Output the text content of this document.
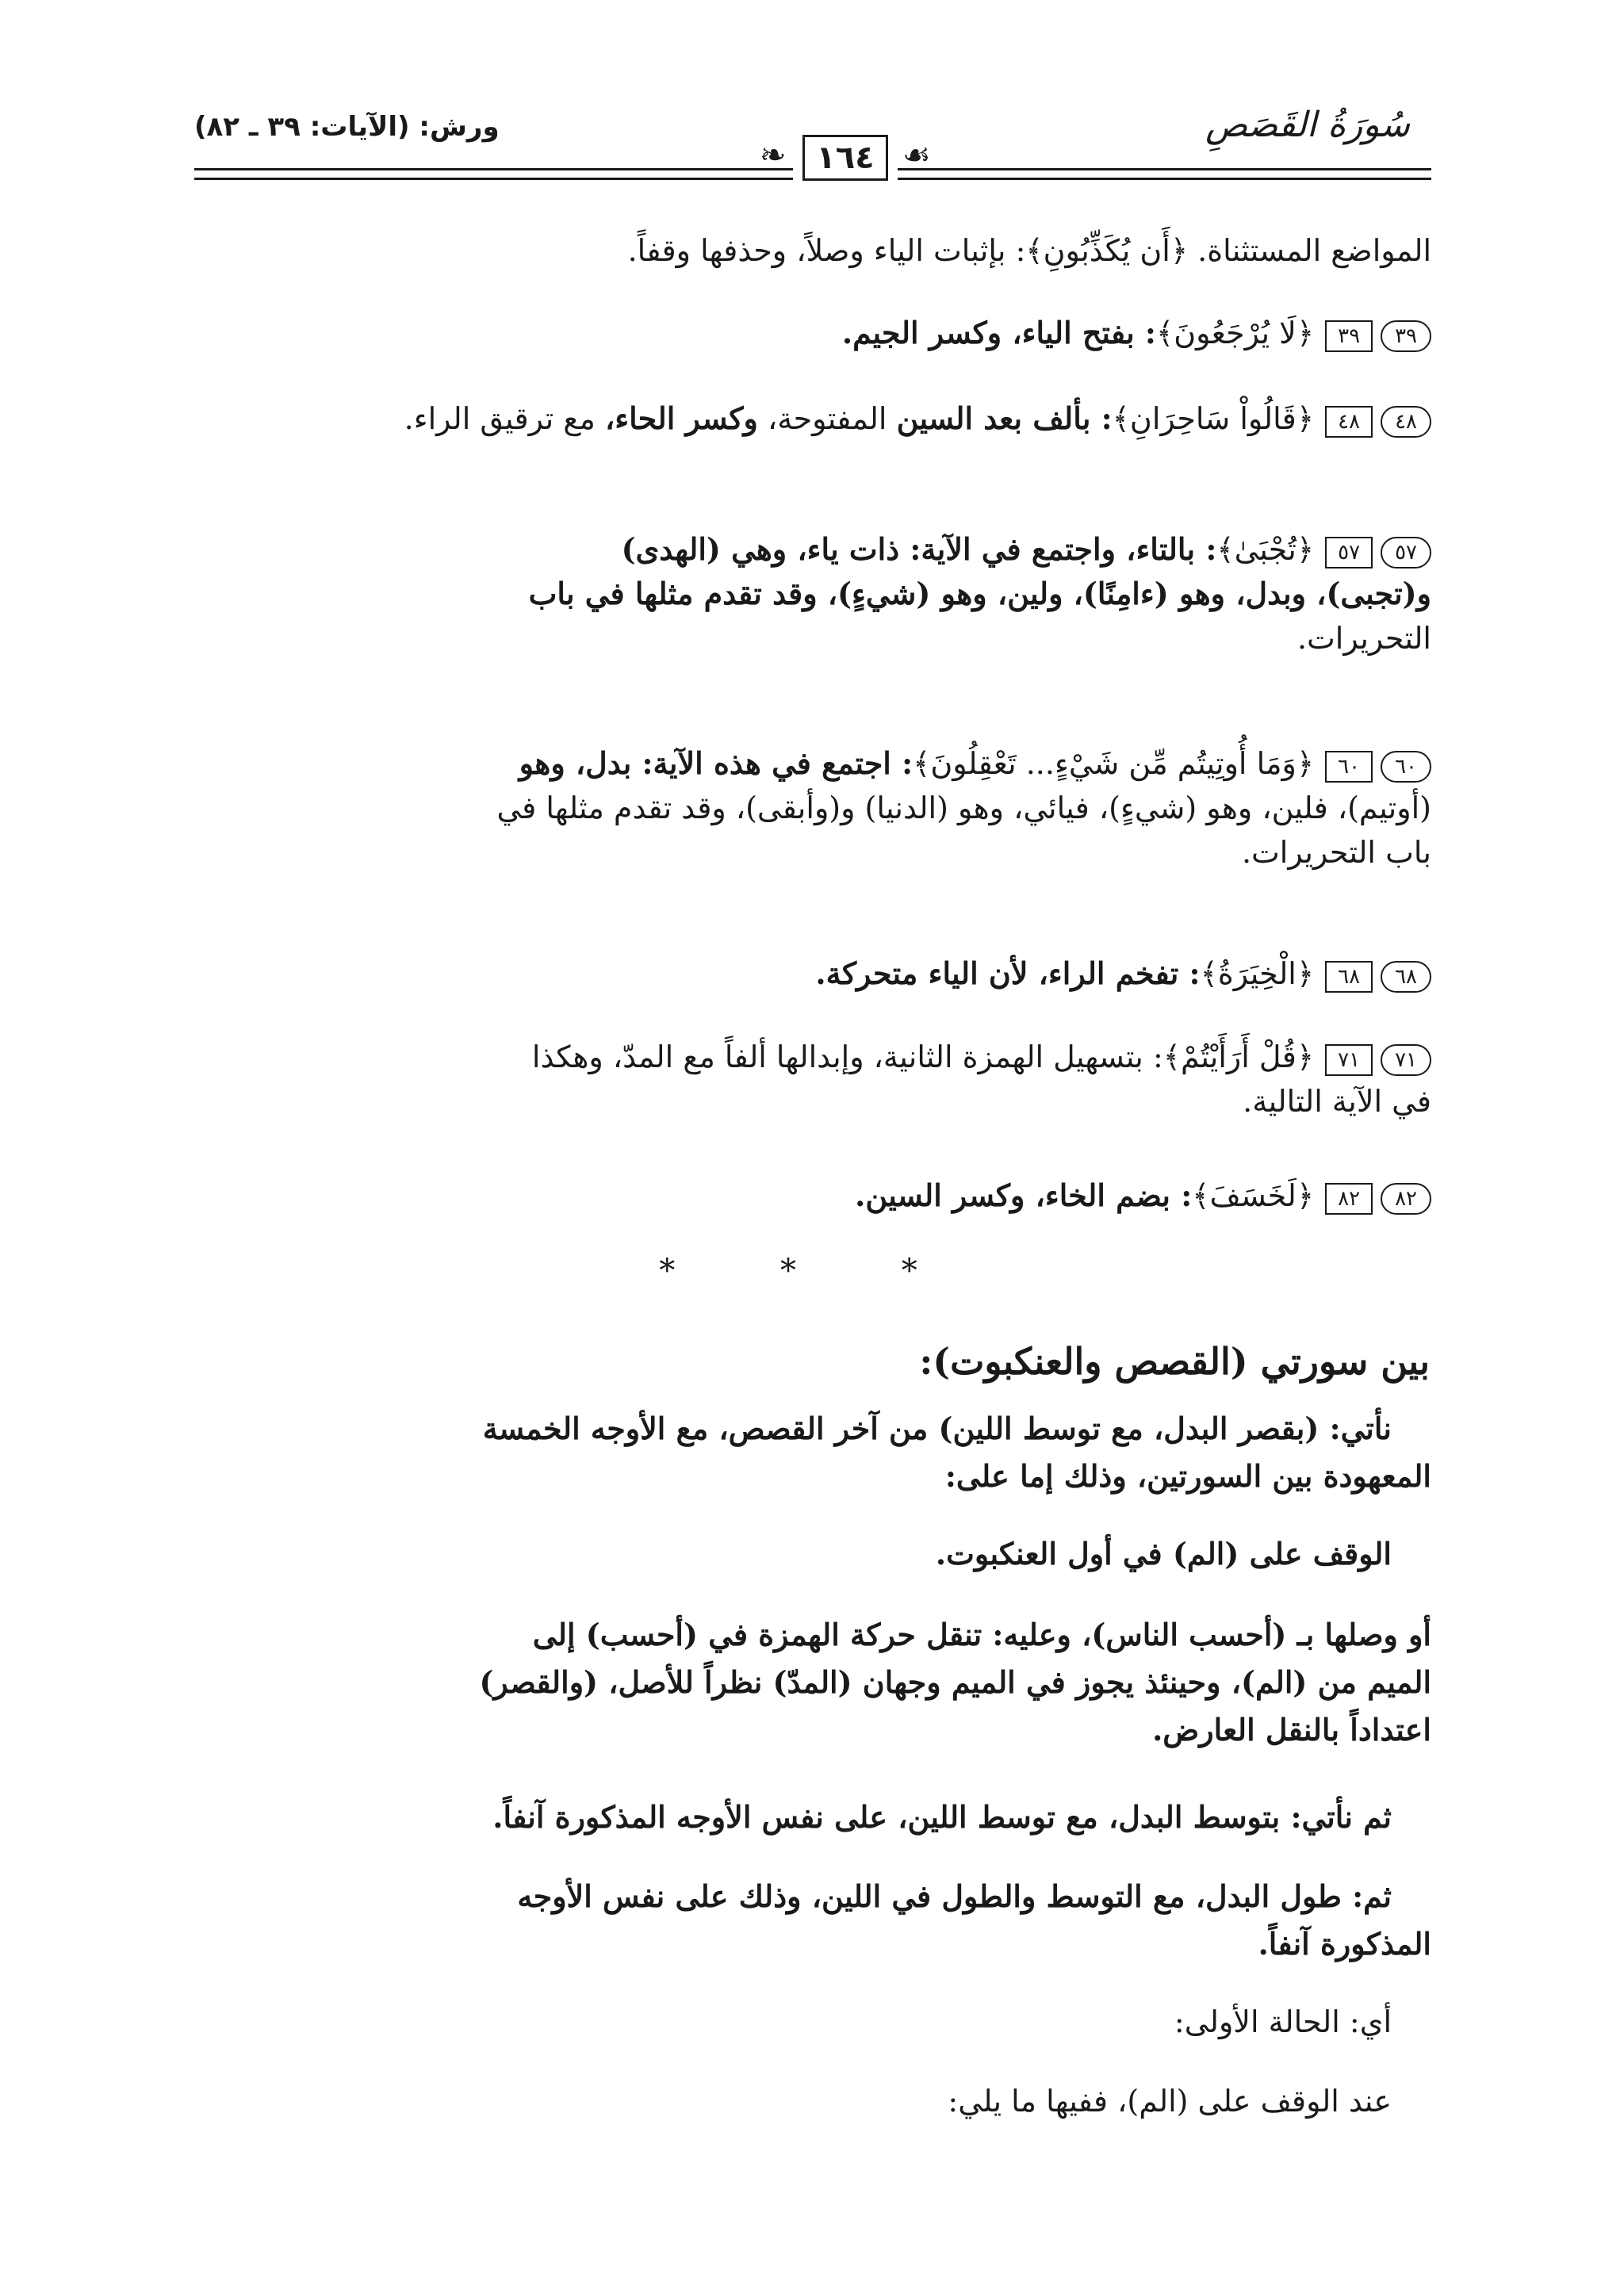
سُورَةُ القَصَصِ
ورش: (الآيات: ٣٩ ـ ٨٢)
❧	☙
١٦٤
المواضع المستثناة. ﴿أَن يُكَذِّبُونِ﴾: بإثبات الياء وصلاً، وحذفها وقفاً.
٣٩٣٩﴿لَا يُرْجَعُونَ﴾: بفتح الياء، وكسر الجيم.
٤٨٤٨﴿قَالُواْ سَاحِرَانِ﴾: بألف بعد السين المفتوحة، وكسر الحاء، مع ترقيق الراء.
٥٧٥٧﴿تُجْبَىٰ﴾: بالتاء، واجتمع في الآية: ذات ياء، وهي (الهدى)
و(تجبى)، وبدل، وهو (ءامِنًا)، ولين، وهو (شيءٍ)، وقد تقدم مثلها في باب
التحريرات.
٦٠٦٠﴿وَمَا أُوتِيتُم مِّن شَيْءٍ... تَعْقِلُونَ﴾: اجتمع في هذه الآية: بدل، وهو
(أوتيم)، فلين، وهو (شيءٍ)، فيائي، وهو (الدنيا) و(وأبقى)، وقد تقدم مثلها في
باب التحريرات.
٦٨٦٨﴿الْخِيَرَةُ﴾: تفخم الراء، لأن الياء متحركة.
٧١٧١﴿قُلْ أَرَأَيْتُمْ﴾: بتسهيل الهمزة الثانية، وإبدالها ألفاً مع المدّ، وهكذا
في الآية التالية.
٨٢٨٢﴿لَخَسَفَ﴾: بضم الخاء، وكسر السين.
* * *
بين سورتي (القصص والعنكبوت):
نأتي: (بقصر البدل، مع توسط اللين) من آخر القصص، مع الأوجه الخمسة
المعهودة بين السورتين، وذلك إما على:
الوقف على (الم) في أول العنكبوت.
أو وصلها بـ (أحسب الناس)، وعليه: تنقل حركة الهمزة في (أحسب) إلى
الميم من (الم)، وحينئذ يجوز في الميم وجهان (المدّ) نظراً للأصل، (والقصر)
اعتداداً بالنقل العارض.
ثم نأتي: بتوسط البدل، مع توسط اللين، على نفس الأوجه المذكورة آنفاً.
ثم: طول البدل، مع التوسط والطول في اللين، وذلك على نفس الأوجه
المذكورة آنفاً.
أي: الحالة الأولى:
عند الوقف على (الم)، ففيها ما يلي:
